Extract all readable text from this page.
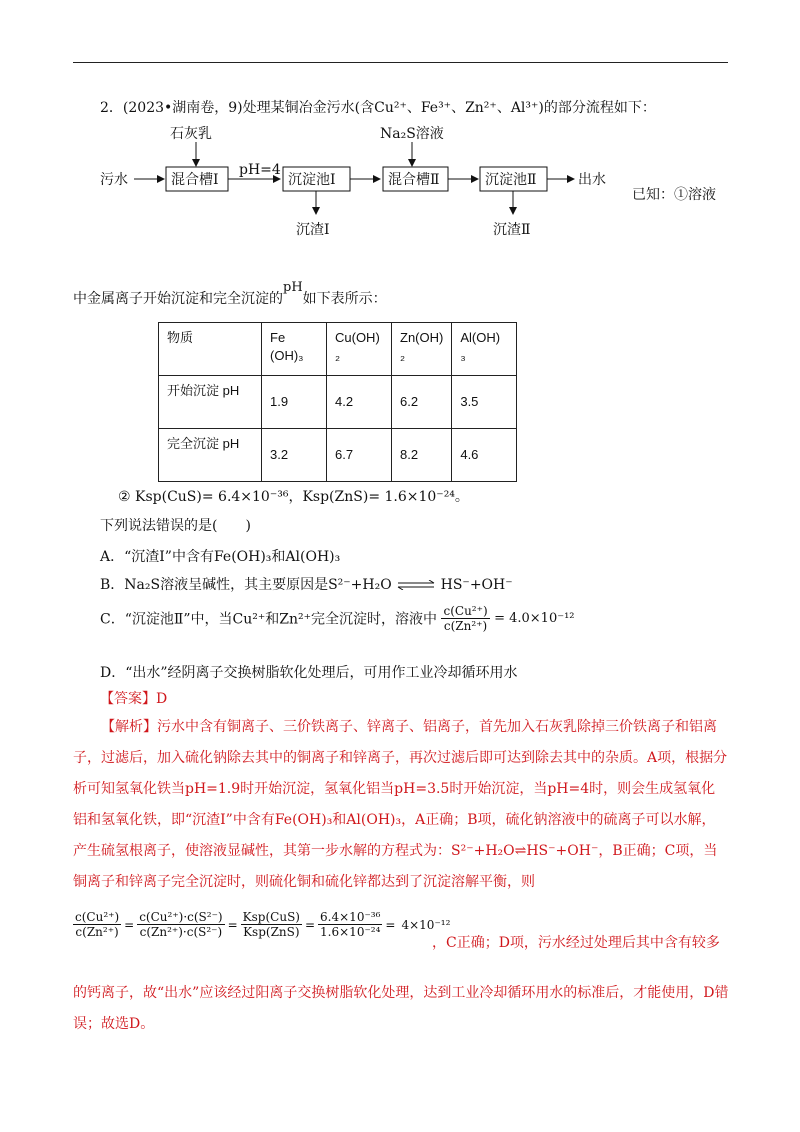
2．(2023•湖南卷，9)处理某铜冶金污水(含Cu²⁺、Fe³⁺、Zn²⁺、Al³⁺)的部分流程如下：
污水
石灰乳
混合槽Ⅰ
pH=4
沉淀池Ⅰ
沉渣Ⅰ
Na₂S溶液
混合槽Ⅱ	沉淀池Ⅱ
沉渣Ⅱ
出水
已知：①溶液
中金属离子开始沉淀和完全沉淀的pH如下表所示：
物质	Fe (OH)₃	Cu(OH) ₂	Zn(OH) ₂	Al(OH) ₃
开始沉淀 pH	1.9	4.2	6.2	3.5
完全沉淀 pH	3.2	6.7	8.2	4.6
② Ksp(CuS)= 6.4×10⁻³⁶，Ksp(ZnS)= 1.6×10⁻²⁴。
下列说法错误的是(　　)
A．“沉渣Ⅰ”中含有Fe(OH)₃和Al(OH)₃
B．Na₂S溶液呈碱性，其主要原因是S²⁻+H₂O ⇌ HS⁻+OH⁻
C．“沉淀池Ⅱ”中，当Cu²⁺和Zn²⁺完全沉淀时，溶液中 $\frac{\text{c(Cu²⁺)}}{\text{c(Zn²⁺)}} = 4.0\times 10^{-12}$
D．“出水”经阴离子交换树脂软化处理后，可用作工业冷却循环用水
【答案】D
【解析】污水中含有铜离子、三价铁离子、锌离子、铝离子，首先加入石灰乳除掉三价铁离子和铝离子，过滤后，加入硫化钠除去其中的铜离子和锌离子，再次过滤后即可达到除去其中的杂质。A项，根据分析可知氢氧化铁当pH=1.9时开始沉淀，氢氧化铝当pH=3.5时开始沉淀，当pH=4时，则会生成氢氧化铝和氢氧化铁，即“沉渣Ⅰ”中含有Fe(OH)₃和Al(OH)₃，A正确；B项，硫化钠溶液中的硫离子可以水解，产生硫氢根离子，使溶液显碱性，其第一步水解的方程式为：S²⁻+H₂O⇌HS⁻+OH⁻，B正确；C项，当铜离子和锌离子完全沉淀时，则硫化铜和硫化锌都达到了沉淀溶解平衡，则
$\frac{\text{c(Cu²⁺)}}{\text{c(Zn²⁺)}} = \frac{\text{c(Cu²⁺)·c(S²⁻)}}{\text{c(Zn²⁺)·c(S²⁻)}} = \frac{\text{Ksp(CuS)}}{\text{Ksp(ZnS)}} = \frac{\text{6.4×10⁻³⁶}}{\text{1.6×10⁻²⁴}} = 4\times 10^{-12}$
，C正确；D项，污水经过处理后其中含有较多
的钙离子，故“出水”应该经过阳离子交换树脂软化处理，达到工业冷却循环用水的标准后，才能使用，D错误；故选D。
